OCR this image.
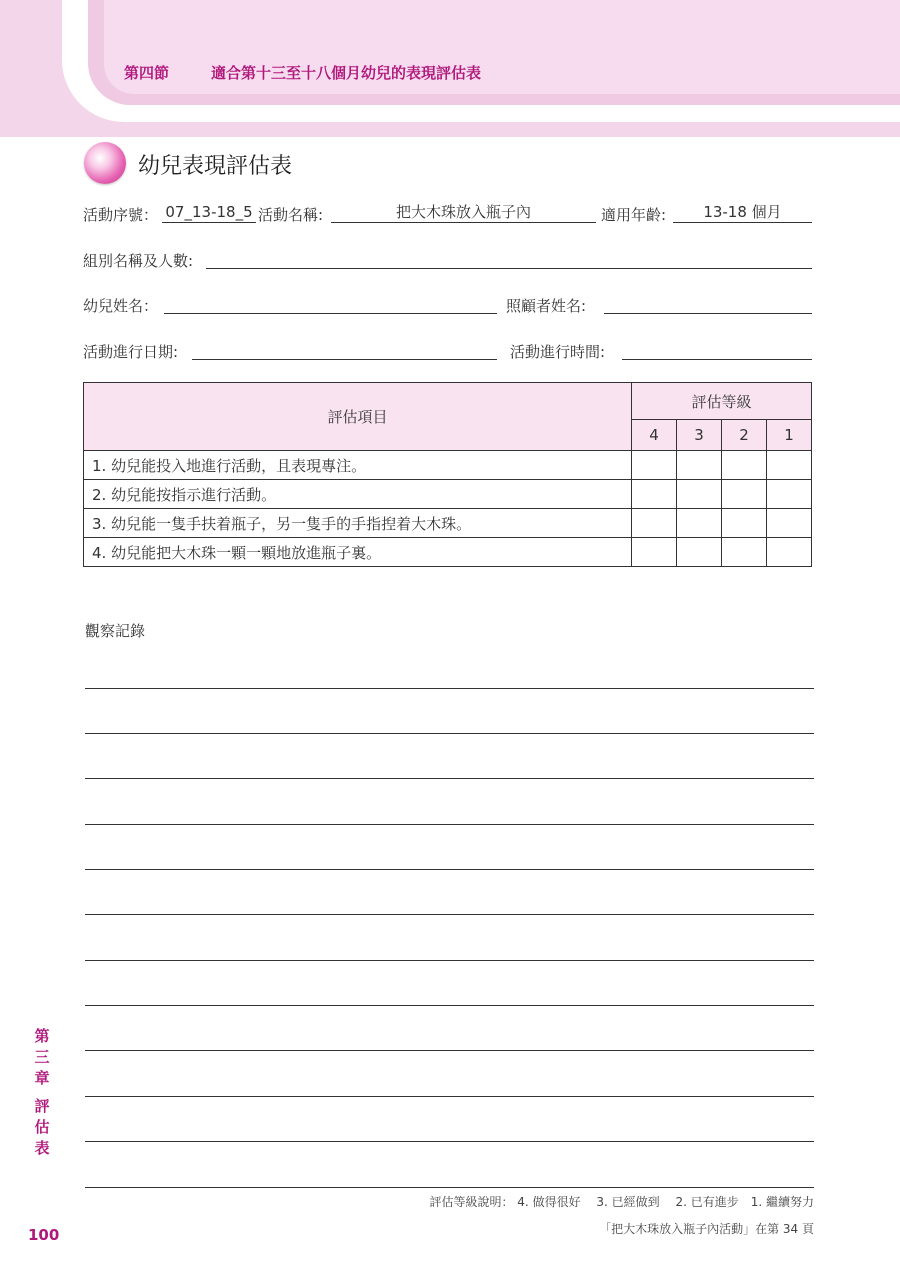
第四節	適合第十三至十八個月幼兒的表現評估表
幼兒表現評估表
活動序號： 07_13-18_5 活動名稱:	把大木珠放入瓶子內	適用年齡:	13-18 個月
組別名稱及人數:
幼兒姓名：	照顧者姓名:
活動進行日期:	活動進行時間:
評估項目	評估等級			
	4	3	2	1
1. 幼兒能投入地進行活動，且表現專注。				
2. 幼兒能按指示進行活動。				
3. 幼兒能一隻手扶着瓶子，另一隻手的手指揑着大木珠。				
4. 幼兒能把大木珠一顆一顆地放進瓶子裏。				
觀察記錄
評估等級說明： 4. 做得很好　 3. 已經做到　 2. 已有進步　1. 繼續努力
「把大木珠放入瓶子內活動」在第 34 頁
第
三
章
評
估
表
100
